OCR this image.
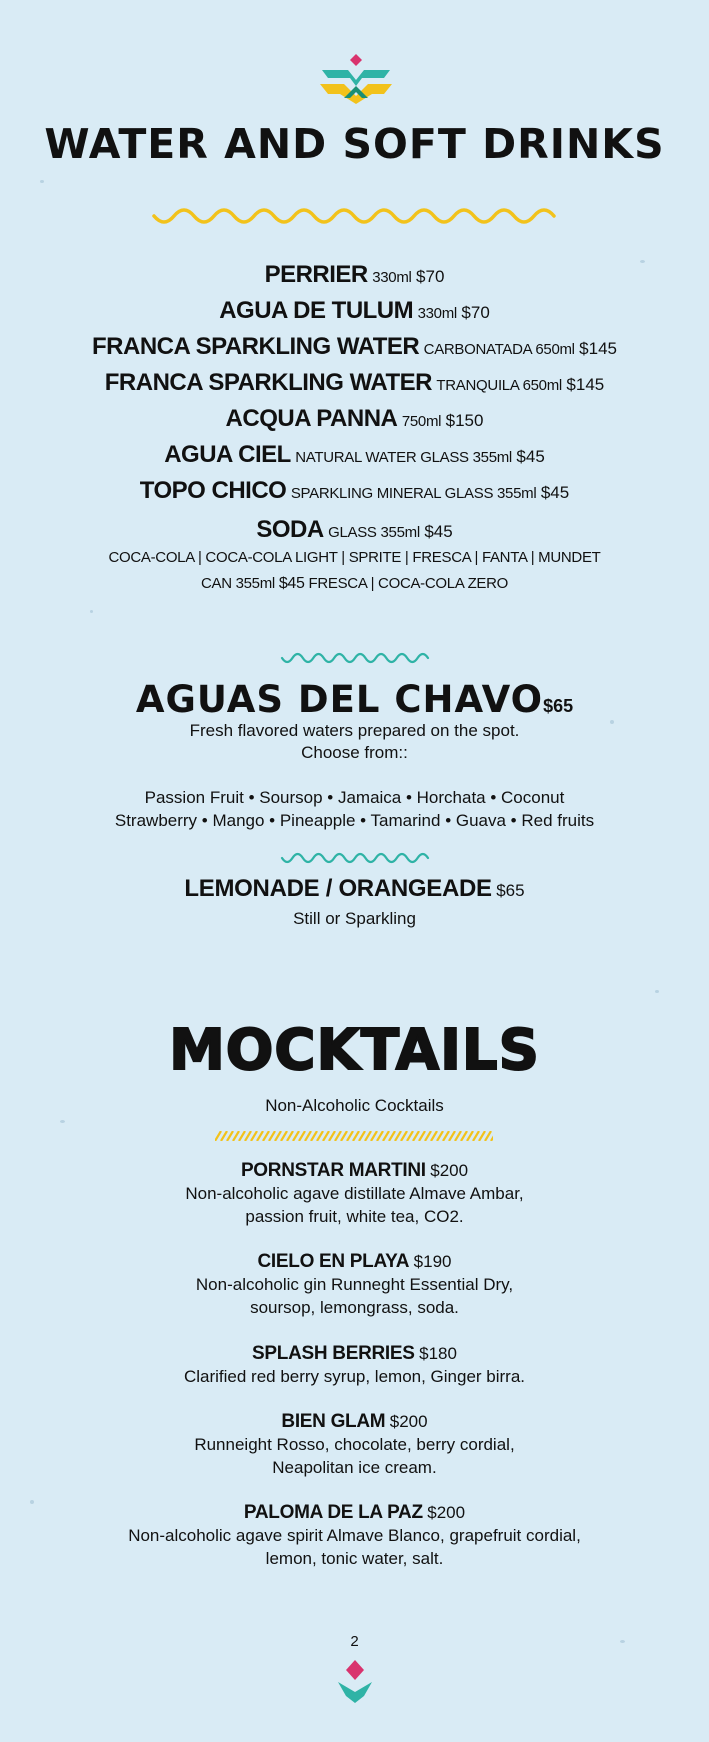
WATER AND SOFT DRINKS
PERRIER 330ml $70
AGUA DE TULUM 330ml $70
FRANCA SPARKLING WATER CARBONATADA 650ml $145
FRANCA SPARKLING WATER TRANQUILA 650ml $145
ACQUA PANNA 750ml $150
AGUA CIEL NATURAL WATER GLASS 355ml $45
TOPO CHICO SPARKLING MINERAL GLASS 355ml $45
SODA GLASS 355ml $45
COCA-COLA | COCA-COLA LIGHT | SPRITE | FRESCA | FANTA | MUNDET
CAN 355ml $45 FRESCA | COCA-COLA ZERO
AGUAS DEL CHAVO$65
Fresh flavored waters prepared on the spot.
Choose from::
Passion Fruit • Soursop • Jamaica • Horchata • Coconut
Strawberry • Mango • Pineapple • Tamarind • Guava • Red fruits
LEMONADE / ORANGEADE $65
Still or Sparkling
MOCKTAILS
Non-Alcoholic Cocktails
PORNSTAR MARTINI $200
Non-alcoholic agave distillate Almave Ambar,
passion fruit, white tea, CO2.
CIELO EN PLAYA $190
Non-alcoholic gin Runneght Essential Dry,
soursop, lemongrass, soda.
SPLASH BERRIES $180
Clarified red berry syrup, lemon, Ginger birra.
BIEN GLAM $200
Runneight Rosso, chocolate, berry cordial,
Neapolitan ice cream.
PALOMA DE LA PAZ $200
Non-alcoholic agave spirit Almave Blanco, grapefruit cordial,
lemon, tonic water, salt.
2
